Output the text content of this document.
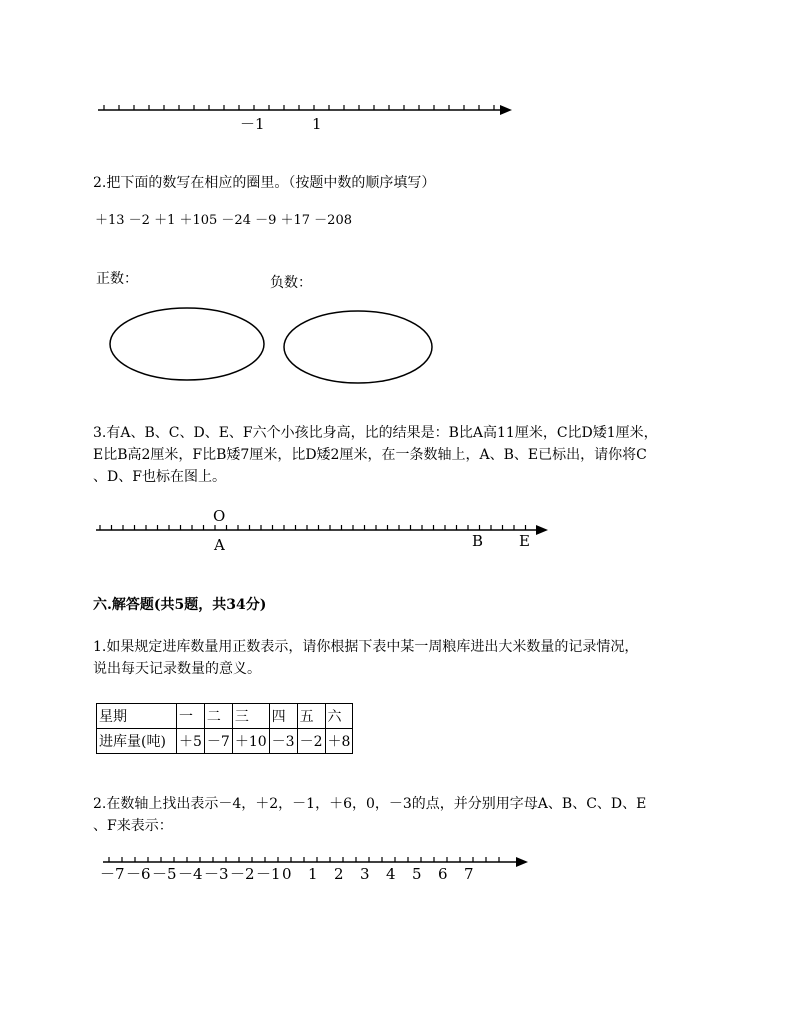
－1	1
2.把下面的数写在相应的圈里。（按题中数的顺序填写）
＋13 －2 ＋1 ＋105 －24 －9 ＋17 －208
正数：	负数：
3.有A、B、C、D、E、F六个小孩比身高，比的结果是：B比A高11厘米，C比D矮1厘米，
E比B高2厘米，F比B矮7厘米，比D矮2厘米，在一条数轴上，A、B、E已标出，请你将C
、D、F也标在图上。
O
A	B E
六.解答题(共5题，共34分)
1.如果规定进库数量用正数表示，请你根据下表中某一周粮库进出大米数量的记录情况，
说出每天记录数量的意义。
星期	一	二	三	四	五	六
进库量(吨)	＋5	－7	＋10	－3	－2	＋8
2.在数轴上找出表示－4，＋2，－1，＋6，0，－3的点，并分别用字母A、B、C、D、E
、F来表示：
－7 －6 －5 －4 －3 －2 －1 0 1 2 3 4 5 6 7
